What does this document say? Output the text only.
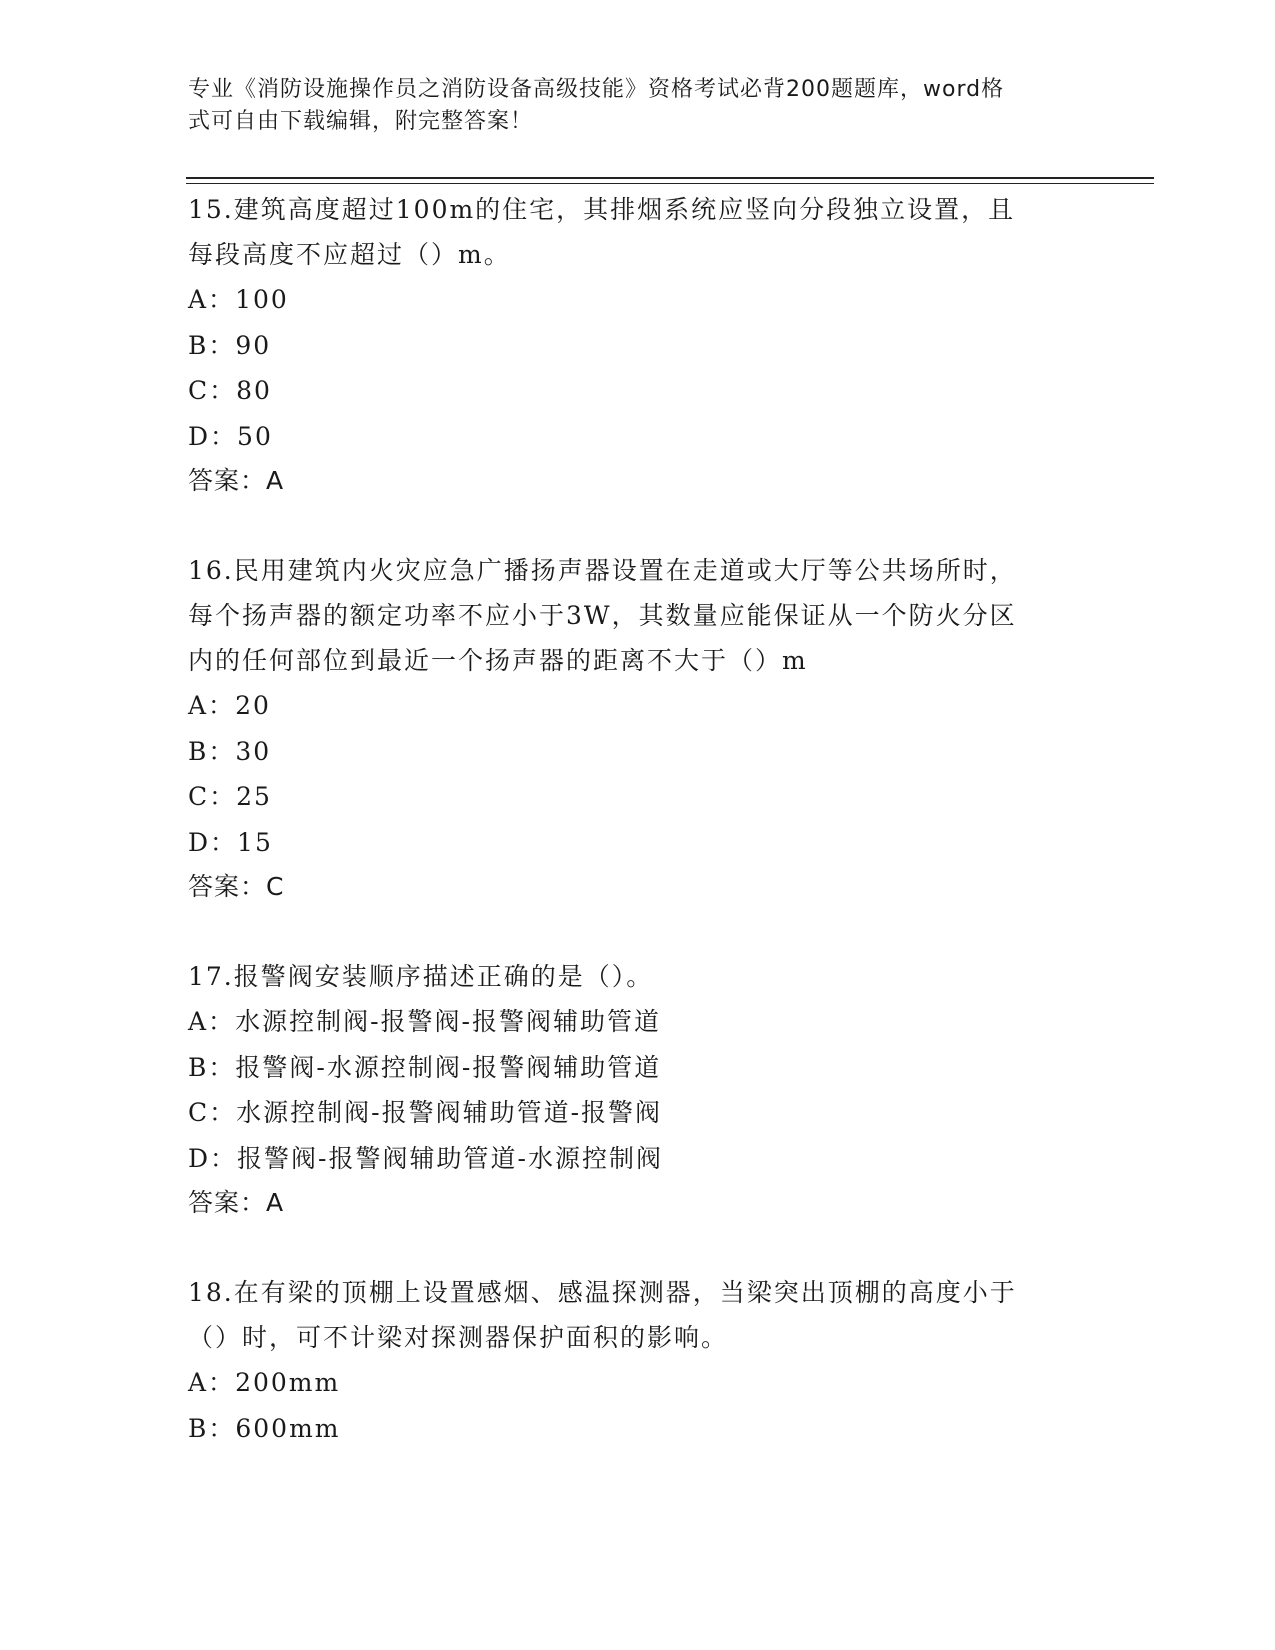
专业《消防设施操作员之消防设备高级技能》资格考试必背200题题库，word格
式可自由下载编辑，附完整答案！

15.建筑高度超过100m的住宅，其排烟系统应竖向分段独立设置，且

每段高度不应超过（）m。

A：100

B：90

C：80

D：50

答案：A

16.民用建筑内火灾应急广播扬声器设置在走道或大厅等公共场所时，

每个扬声器的额定功率不应小于3W，其数量应能保证从一个防火分区

内的任何部位到最近一个扬声器的距离不大于（）m

A：20

B：30

C：25

D：15

答案：C

17.报警阀安装顺序描述正确的是（）。

A：水源控制阀-报警阀-报警阀辅助管道

B：报警阀-水源控制阀-报警阀辅助管道

C：水源控制阀-报警阀辅助管道-报警阀

D：报警阀-报警阀辅助管道-水源控制阀

答案：A

18.在有梁的顶棚上设置感烟、感温探测器，当梁突出顶棚的高度小于

（）时，可不计梁对探测器保护面积的影响。

A：200mm

B：600mm
